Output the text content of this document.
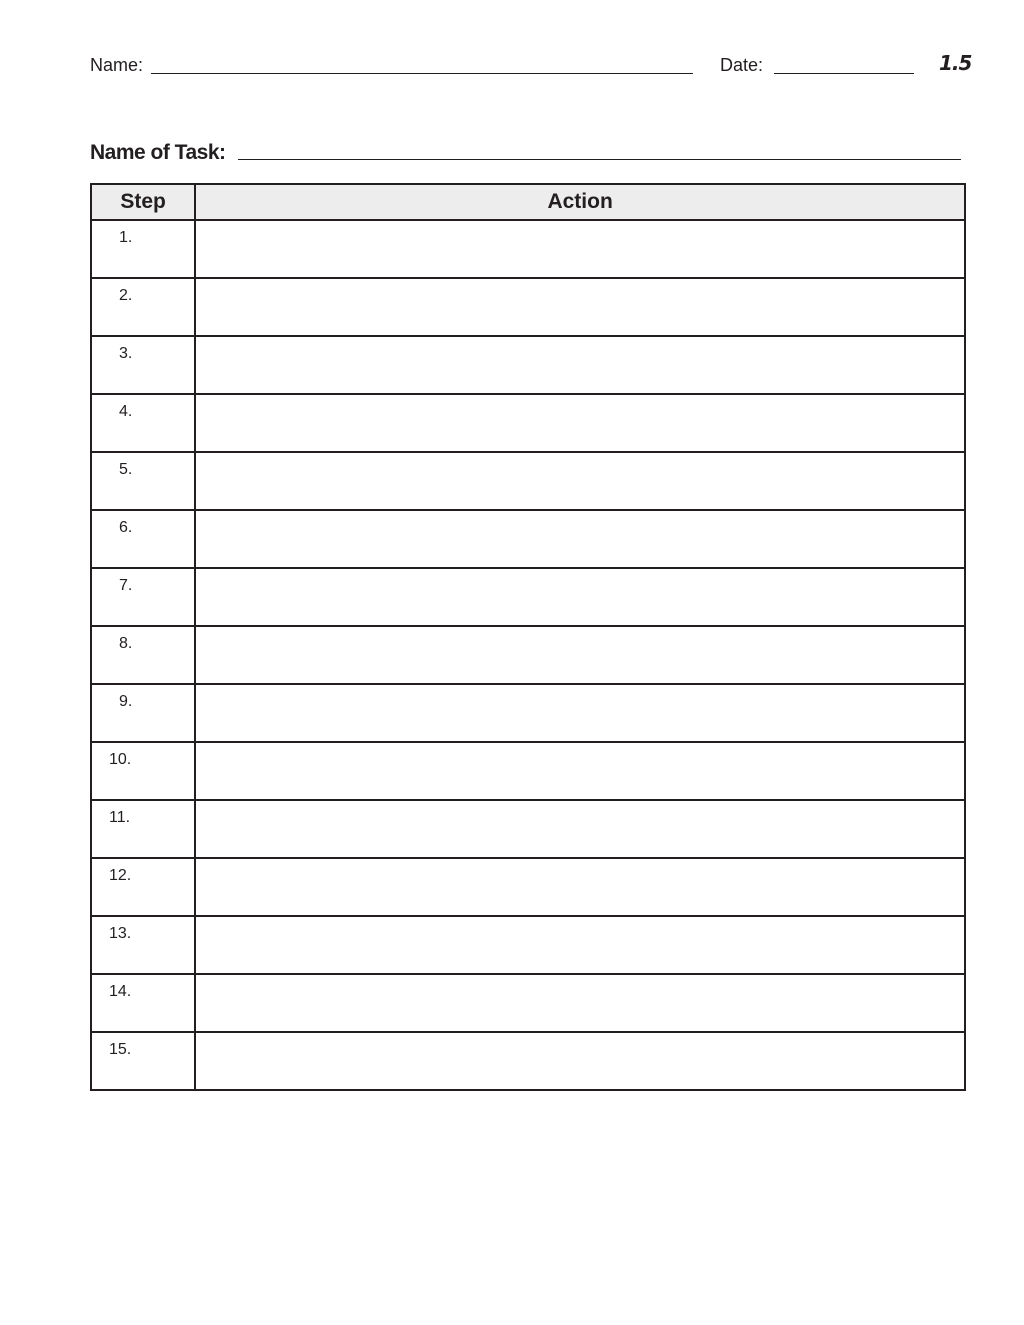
Name:	Date:	1.5
Name of Task:
Step	Action

1.	

2.	

3.	

4.	

5.	

6.	

7.	

8.	

9.	

10.	

11.	

12.	

13.	

14.	

15.	
